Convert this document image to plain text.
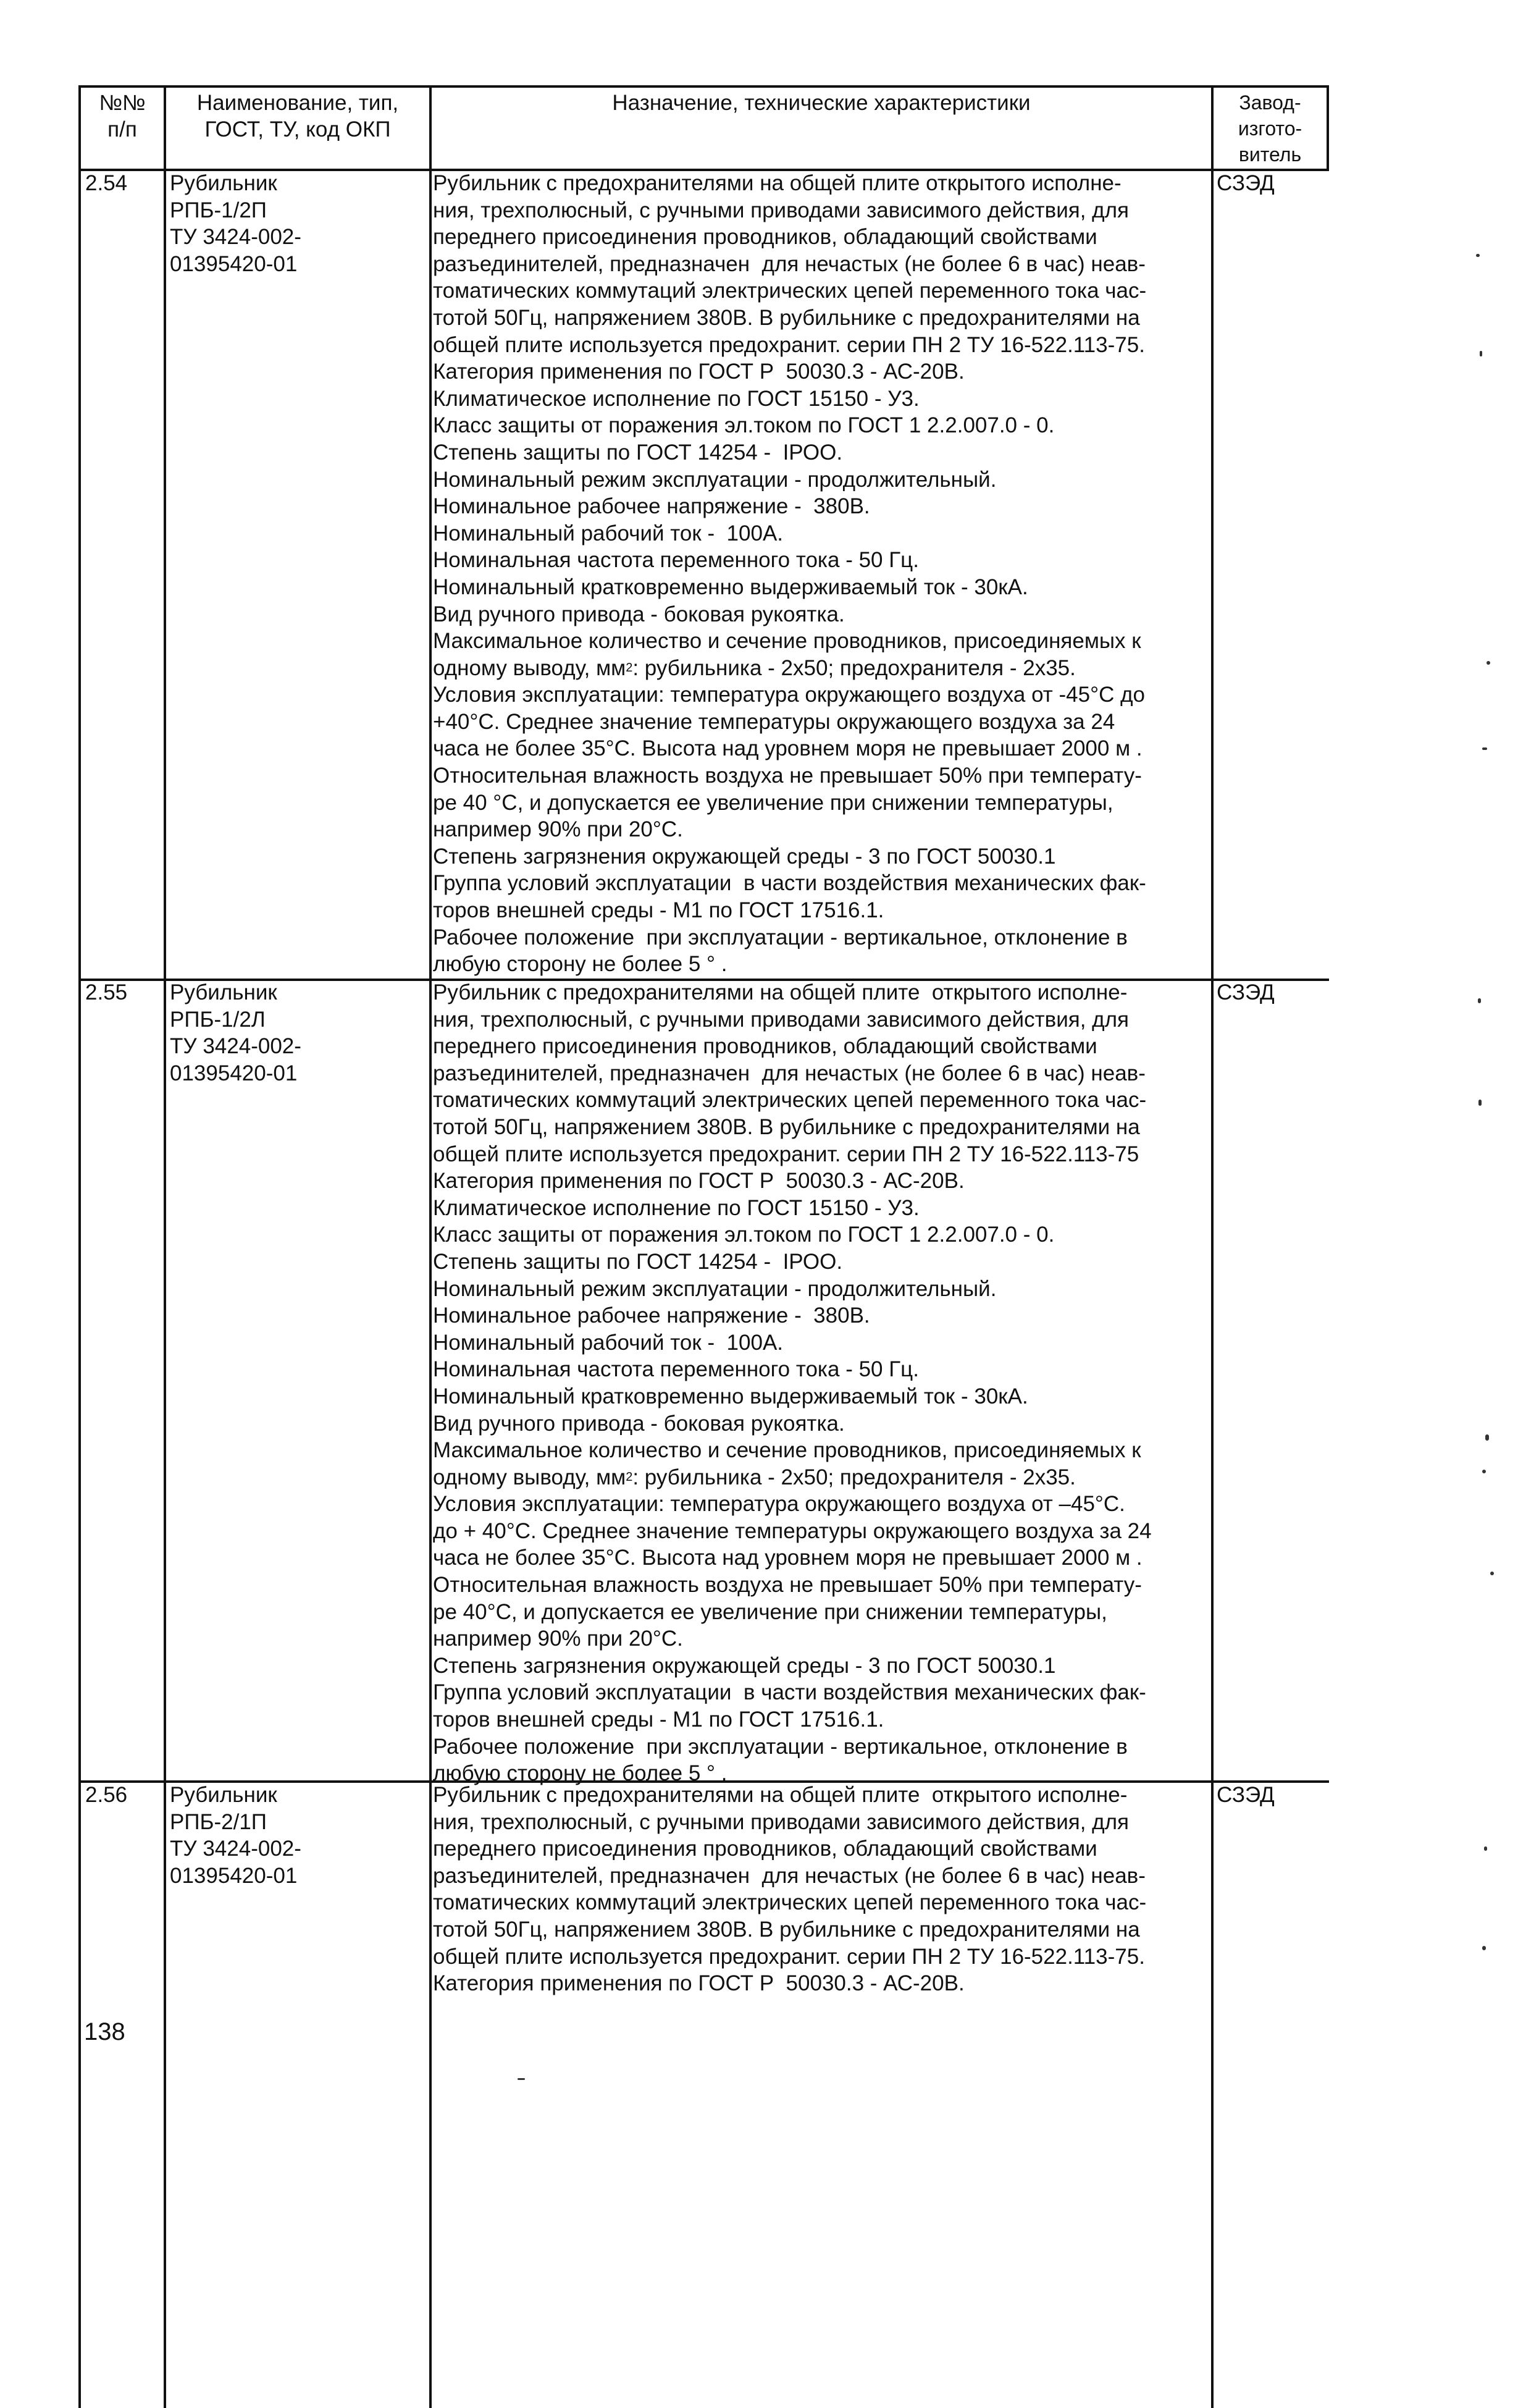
№№
п/п
Наименование, тип,
ГОСТ, ТУ, код ОКП
Назначение, технические характеристики	Завод-
изгото-
витель
2.54 Рубильник
РПБ-1/2П
ТУ 3424-002-
01395420-01
Рубильник с предохранителями на общей плите открытого исполне-
ния, трехполюсный, с ручными приводами зависимого действия, для
переднего присоединения проводников, обладающий свойствами
разъединителей, предназначен  для нечастых (не более 6 в час) неав-
томатических коммутаций электрических цепей переменного тока час-
тотой 50Гц, напряжением 380В. В рубильнике с предохранителями на
общей плите используется предохранит. серии ПН 2 ТУ 16-522.113-75.
Категория применения по ГОСТ Р  50030.3 - АС-20В.
Климатическое исполнение по ГОСТ 15150 - У3.
Класс защиты от поражения эл.током по ГОСТ 1 2.2.007.0 - 0.
Степень защиты по ГОСТ 14254 -  IРОО.
Номинальный режим эксплуатации - продолжительный.
Номинальное рабочее напряжение -  380В.
Номинальный рабочий ток -  100А.
Номинальная частота переменного тока - 50 Гц.
Номинальный кратковременно выдерживаемый ток - 30кА.
Вид ручного привода - боковая рукоятка.
Максимальное количество и сечение проводников, присоединяемых к
одному выводу, $мм^2$: рубильника - 2х50; предохранителя - 2х35.
Условия эксплуатации: температура окружающего воздуха от -45°С до
+40°С. Среднее значение температуры окружающего воздуха за 24
часа не более 35°С. Высота над уровнем моря не превышает 2000 м .
Относительная влажность воздуха не превышает 50% при температу-
ре 40 °С, и допускается ее увеличение при снижении температуры,
например 90% при 20°С.
Степень загрязнения окружающей среды - 3 по ГОСТ 50030.1
Группа условий эксплуатации  в части воздействия механических фак-
торов внешней среды - М1 по ГОСТ 17516.1.
Рабочее положение  при эксплуатации - вертикальное, отклонение в
любую сторону не более 5 ° .
СЗЭД
2.55 Рубильник
РПБ-1/2Л
ТУ 3424-002-
01395420-01
Рубильник с предохранителями на общей плите  открытого исполне-
ния, трехполюсный, с ручными приводами зависимого действия, для
переднего присоединения проводников, обладающий свойствами
разъединителей, предназначен  для нечастых (не более 6 в час) неав-
томатических коммутаций электрических цепей переменного тока час-
тотой 50Гц, напряжением 380В. В рубильнике с предохранителями на
общей плите используется предохранит. серии ПН 2 ТУ 16-522.113-75
Категория применения по ГОСТ Р  50030.3 - АС-20В.
Климатическое исполнение по ГОСТ 15150 - У3.
Класс защиты от поражения эл.током по ГОСТ 1 2.2.007.0 - 0.
Степень защиты по ГОСТ 14254 -  IРОО.
Номинальный режим эксплуатации - продолжительный.
Номинальное рабочее напряжение -  380В.
Номинальный рабочий ток -  100А.
Номинальная частота переменного тока - 50 Гц.
Номинальный кратковременно выдерживаемый ток - 30кА.
Вид ручного привода - боковая рукоятка.
Максимальное количество и сечение проводников, присоединяемых к
одному выводу, $мм^2$: рубильника - 2х50; предохранителя - 2х35.
Условия эксплуатации: температура окружающего воздуха от –45°С.
до + 40°С. Среднее значение температуры окружающего воздуха за 24
часа не более 35°С. Высота над уровнем моря не превышает 2000 м .
Относительная влажность воздуха не превышает 50% при температу-
ре 40°С, и допускается ее увеличение при снижении температуры,
например 90% при 20°С.
Степень загрязнения окружающей среды - 3 по ГОСТ 50030.1
Группа условий эксплуатации  в части воздействия механических фак-
торов внешней среды - М1 по ГОСТ 17516.1.
Рабочее положение  при эксплуатации - вертикальное, отклонение в
любую сторону не более 5 ° .
СЗЭД
2.56 Рубильник
РПБ-2/1П
ТУ 3424-002-
01395420-01
Рубильник с предохранителями на общей плите  открытого исполне-
ния, трехполюсный, с ручными приводами зависимого действия, для
переднего присоединения проводников, обладающий свойствами
разъединителей, предназначен  для нечастых (не более 6 в час) неав-
томатических коммутаций электрических цепей переменного тока час-
тотой 50Гц, напряжением 380В. В рубильнике с предохранителями на
общей плите используется предохранит. серии ПН 2 ТУ 16-522.113-75.
Категория применения по ГОСТ Р  50030.3 - АС-20В.
СЗЭД
138
